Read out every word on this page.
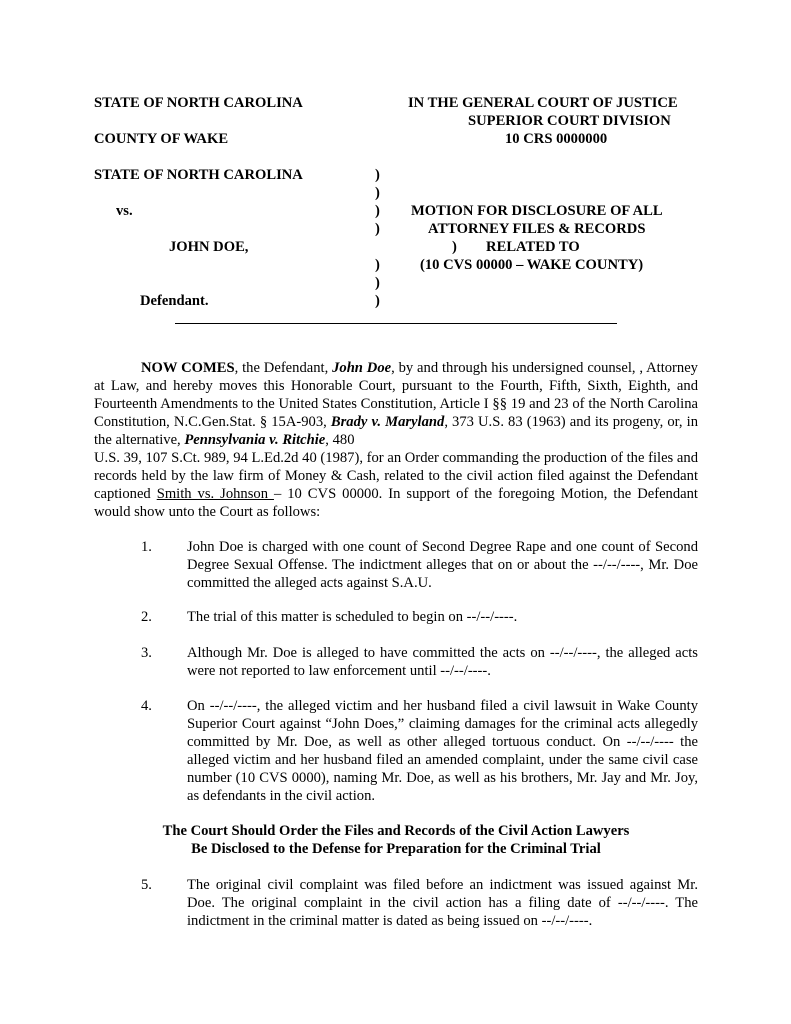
STATE OF NORTH CAROLINA	IN THE GENERAL COURT OF JUSTICE
SUPERIOR COURT DIVISION
COUNTY OF WAKE	10 CRS 0000000
STATE OF NORTH CAROLINA
vs.
JOHN DOE,
Defendant.
)
)
)
)
)
)
)
MOTION FOR DISCLOSURE OF ALL
ATTORNEY FILES & RECORDS
)        RELATED TO
(10 CVS 00000 – WAKE COUNTY)
NOW COMES, the Defendant, John Doe, by and through his undersigned counsel, , Attorney at Law, and hereby moves this Honorable Court, pursuant to the Fourth, Fifth, Sixth, Eighth, and Fourteenth Amendments to the United States Constitution, Article I §§ 19 and 23 of the North Carolina Constitution, N.C.Gen.Stat. § 15A-903, Brady v. Maryland, 373 U.S. 83 (1963) and its progeny, or, in the alternative, Pennsylvania v. Ritchie, 480
U.S. 39, 107 S.Ct. 989, 94 L.Ed.2d 40 (1987), for an Order commanding the production of the files and records held by the law firm of Money & Cash, related to the civil action filed against the Defendant captioned Smith vs. Johnson – 10 CVS 00000. In support of the foregoing Motion, the Defendant would show unto the Court as follows:
1. John Doe is charged with one count of Second Degree Rape and one count of Second Degree Sexual Offense. The indictment alleges that on or about the --/--/----, Mr. Doe committed the alleged acts against S.A.U.
2. The trial of this matter is scheduled to begin on --/--/----.
3. Although Mr. Doe is alleged to have committed the acts on --/--/----, the alleged acts were not reported to law enforcement until --/--/----.
4. On --/--/----, the alleged victim and her husband filed a civil lawsuit in Wake County Superior Court against “John Does,” claiming damages for the criminal acts allegedly committed by Mr. Doe, as well as other alleged tortuous conduct. On --/--/---- the alleged victim and her husband filed an amended complaint, under the same civil case number (10 CVS 0000), naming Mr. Doe, as well as his brothers, Mr. Jay and Mr. Joy, as defendants in the civil action.
The Court Should Order the Files and Records of the Civil Action Lawyers
Be Disclosed to the Defense for Preparation for the Criminal Trial
5. The original civil complaint was filed before an indictment was issued against Mr. Doe. The original complaint in the civil action has a filing date of --/--/----. The indictment in the criminal matter is dated as being issued on --/--/----.
